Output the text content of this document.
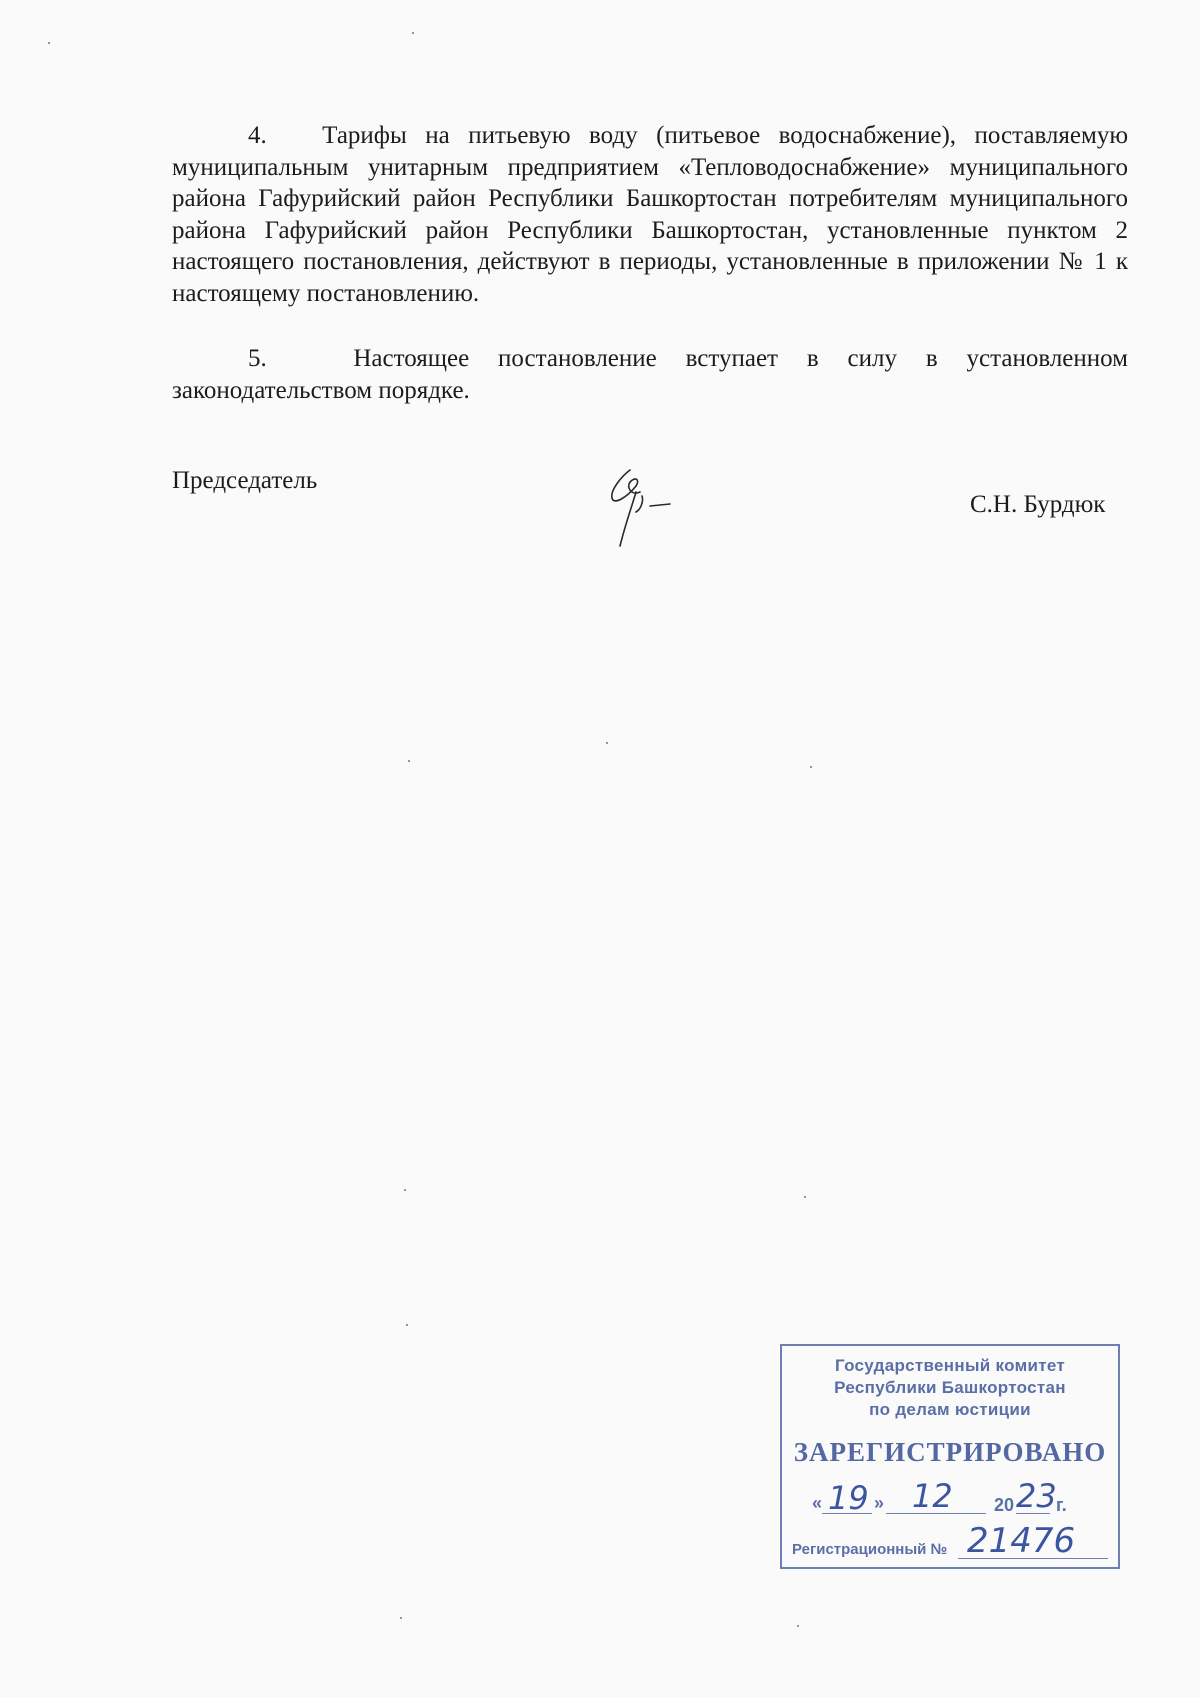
4.   Тарифы на питьевую воду (питьевое водоснабжение), поставляемую муниципальным унитарным предприятием «Тепловодоснабжение» муниципального района Гафурийский район Республики Башкортостан потребителям муниципального района Гафурийский район Республики Башкортостан, установленные пунктом 2 настоящего постановления, действуют в периоды, установленные в приложении № 1 к настоящему постановлению.

5.   Настоящее постановление вступает в силу в установленном законодательством порядке.

Председатель
С.Н. Бурдюк
Государственный комитет
Республики Башкортостан
по делам юстиции
ЗАРЕГИСТРИРОВАНО
« 19 » 12 20 23 г.
Регистрационный № 21476
